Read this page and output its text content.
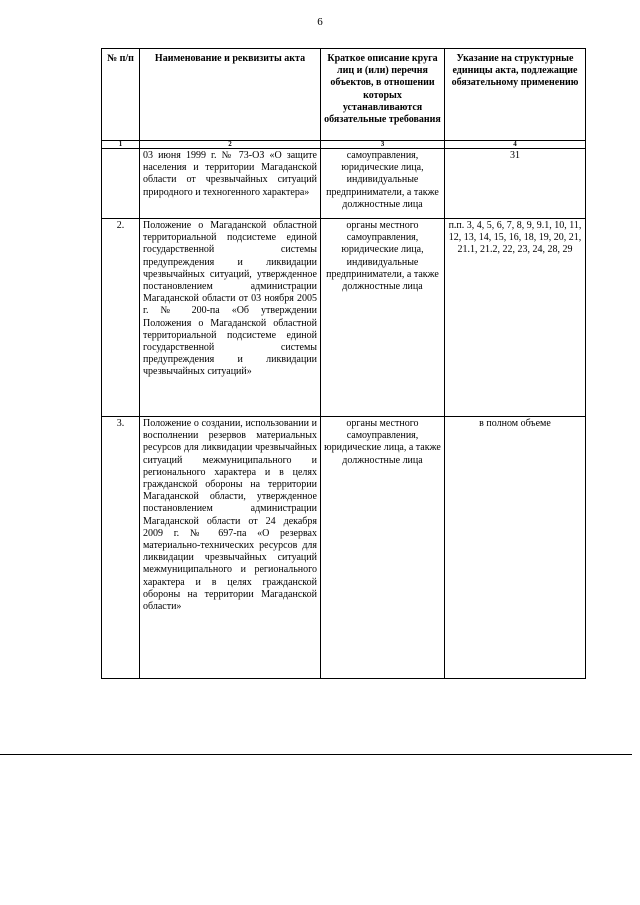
6
№ п/п	Наименование и реквизиты акта	Краткое описание круга лиц и (или) перечня объектов, в отношении которых устанавливаются обязательные требования	Указание на структурные единицы акта, подлежащие обязательному применению
1	2	3	4
	03 июня 1999 г. № 73-ОЗ «О защите населения и территории Магаданской области от чрезвычайных ситуаций природного и техногенного характера»	самоуправления, юридические лица, индивидуальные предприниматели, а также должностные лица	31
2.	Положение о Магаданской областной территориальной подсистеме единой государственной системы предупреждения и ликвидации чрезвычайных ситуаций, утвержденное постановлением администрации Магаданской области от 03 ноября 2005 г. № 200-па «Об утверждении Положения о Магаданской областной территориальной подсистеме единой государственной системы предупреждения и ликвидации чрезвычайных ситуаций»	органы местного самоуправления, юридические лица, индивидуальные предприниматели, а также должностные лица	п.п. 3, 4, 5, 6, 7, 8, 9, 9.1, 10, 11, 12, 13, 14, 15, 16, 18, 19, 20, 21, 21.1, 21.2, 22, 23, 24, 28, 29
3.	Положение о создании, использовании и восполнении резервов материальных ресурсов для ликвидации чрезвычайных ситуаций межмуниципального и регионального характера и в целях гражданской обороны на территории Магаданской области, утвержденное постановлением администрации Магаданской области от 24 декабря 2009 г. № 697-па «О резервах материально-технических ресурсов для ликвидации чрезвычайных ситуаций межмуниципального и регионального характера и в целях гражданской обороны на территории Магаданской области»	органы местного самоуправления, юридические лица, а также должностные лица	в полном объеме
